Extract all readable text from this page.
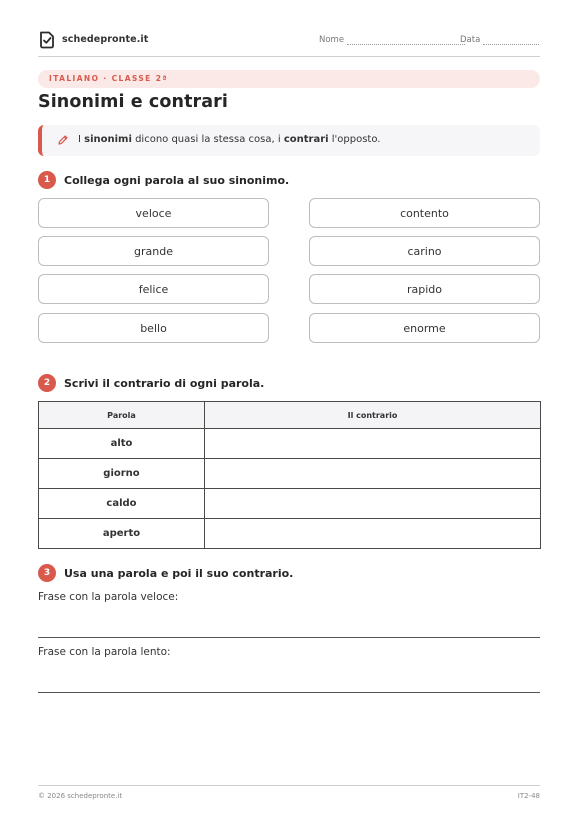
schedepronte.it	Nome	Data
ITALIANO · CLASSE 2ª
Sinonimi e contrari
I sinonimi dicono quasi la stessa cosa, i contrari l'opposto.
1	Collega ogni parola al suo sinonimo.
veloce
grande
felice
bello
contento
carino
rapido
enorme
2	Scrivi il contrario di ogni parola.
Parola	Il contrario
alto	
giorno	
caldo	
aperto	
3	Usa una parola e poi il suo contrario.
Frase con la parola veloce:
Frase con la parola lento:
© 2026 schedepronte.it	IT2-48
